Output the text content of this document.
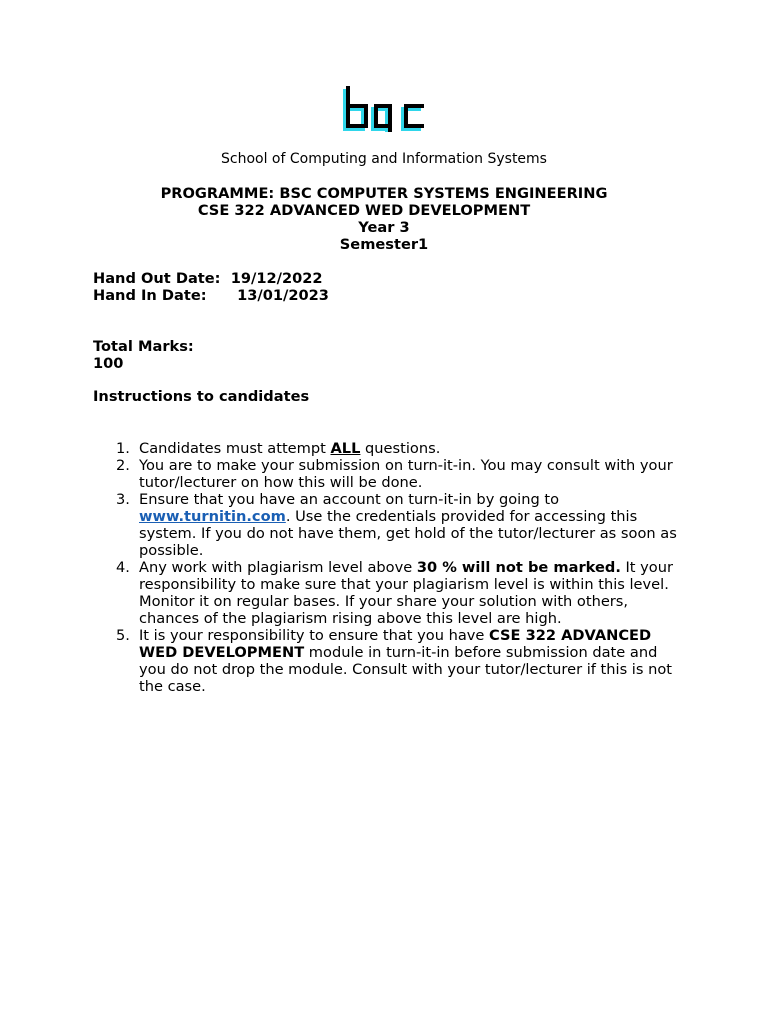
School of Computing and Information Systems
PROGRAMME: BSC COMPUTER SYSTEMS ENGINEERING
CSE 322 ADVANCED WED DEVELOPMENT
Year 3
Semester1
Hand Out Date: 19/12/2022
Hand In Date: 13/01/2023
Total Marks:
100
Instructions to candidates
1. Candidates must attempt ALL questions.
2. You are to make your submission on turn-it-in. You may consult with your tutor/lecturer on how this will be done.
3. Ensure that you have an account on turn-it-in by going to www.turnitin.com. Use the credentials provided for accessing this system. If you do not have them, get hold of the tutor/lecturer as soon as possible.
4. Any work with plagiarism level above 30 % will not be marked. It your responsibility to make sure that your plagiarism level is within this level. Monitor it on regular bases. If your share your solution with others, chances of the plagiarism rising above this level are high.
5. It is your responsibility to ensure that you have CSE 322 ADVANCED WED DEVELOPMENT module in turn-it-in before submission date and you do not drop the module. Consult with your tutor/lecturer if this is not the case.
